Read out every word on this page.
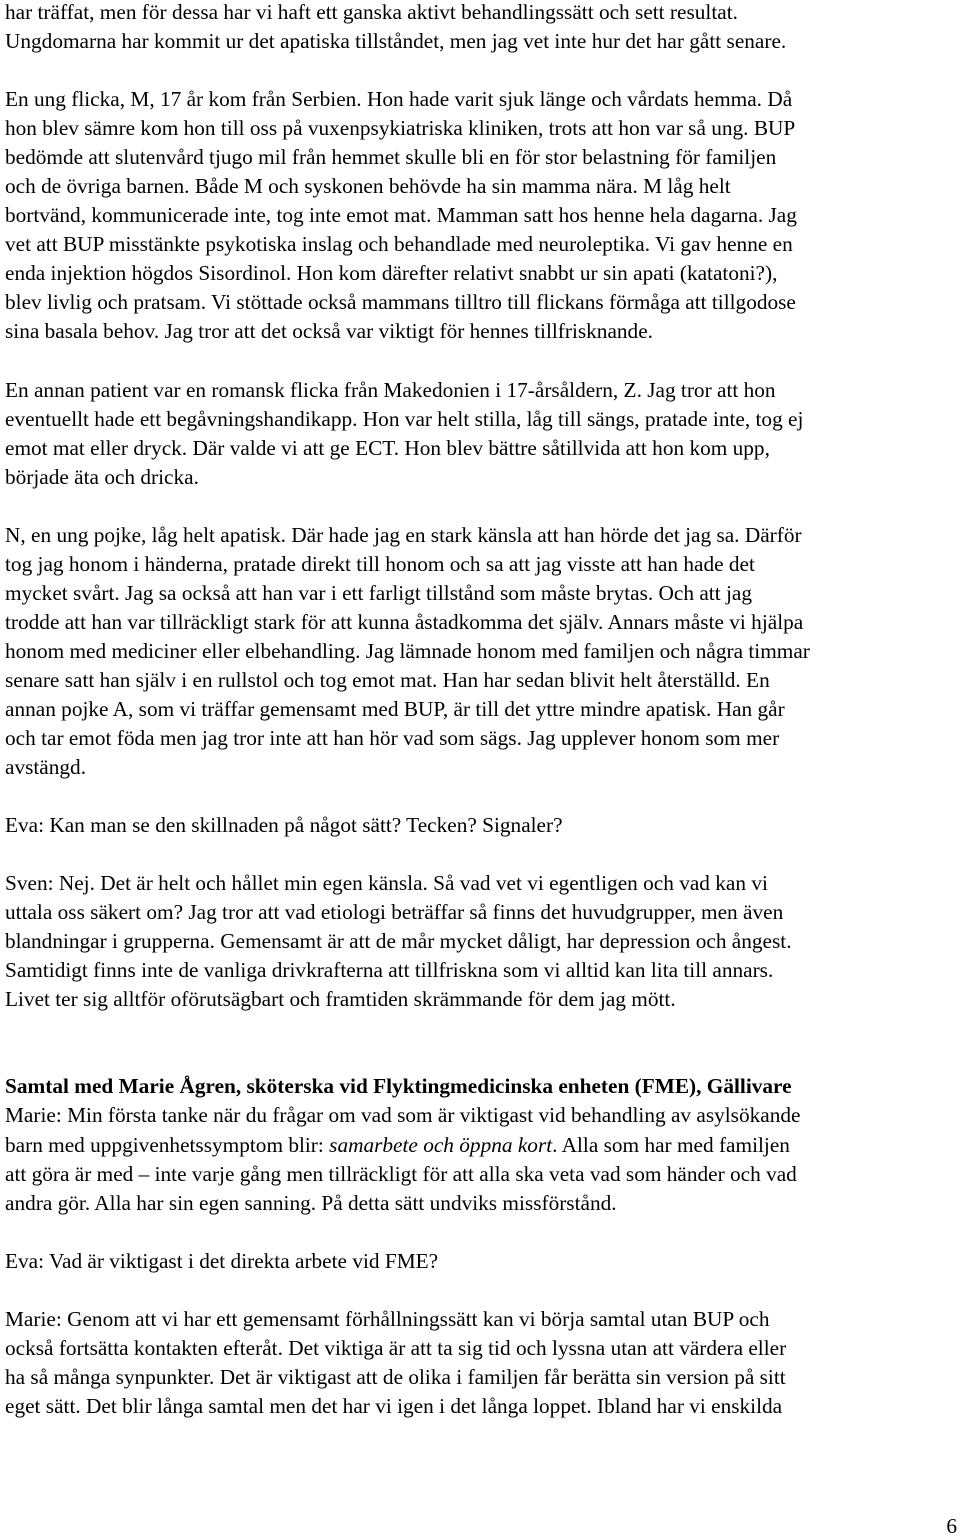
har träffat, men för dessa har vi haft ett ganska aktivt behandlingssätt och sett resultat.
Ungdomarna har kommit ur det apatiska tillståndet, men jag vet inte hur det har gått senare.
En ung flicka, M, 17 år kom från Serbien. Hon hade varit sjuk länge och vårdats hemma. Då
hon blev sämre kom hon till oss på vuxenpsykiatriska kliniken, trots att hon var så ung. BUP
bedömde att slutenvård tjugo mil från hemmet skulle bli en för stor belastning för familjen
och de övriga barnen. Både M och syskonen behövde ha sin mamma nära. M låg helt
bortvänd, kommunicerade inte, tog inte emot mat. Mamman satt hos henne hela dagarna. Jag
vet att BUP misstänkte psykotiska inslag och behandlade med neuroleptika. Vi gav henne en
enda injektion högdos Sisordinol. Hon kom därefter relativt snabbt ur sin apati (katatoni?),
blev livlig och pratsam. Vi stöttade också mammans tilltro till flickans förmåga att tillgodose
sina basala behov. Jag tror att det också var viktigt för hennes tillfrisknande.
En annan patient var en romansk flicka från Makedonien i 17-årsåldern, Z. Jag tror att hon
eventuellt hade ett begåvningshandikapp. Hon var helt stilla, låg till sängs, pratade inte, tog ej
emot mat eller dryck. Där valde vi att ge ECT. Hon blev bättre såtillvida att hon kom upp,
började äta och dricka.
N, en ung pojke, låg helt apatisk. Där hade jag en stark känsla att han hörde det jag sa. Därför
tog jag honom i händerna, pratade direkt till honom och sa att jag visste att han hade det
mycket svårt. Jag sa också att han var i ett farligt tillstånd som måste brytas. Och att jag
trodde att han var tillräckligt stark för att kunna åstadkomma det själv. Annars måste vi hjälpa
honom med mediciner eller elbehandling. Jag lämnade honom med familjen och några timmar
senare satt han själv i en rullstol och tog emot mat. Han har sedan blivit helt återställd. En
annan pojke A, som vi träffar gemensamt med BUP, är till det yttre mindre apatisk. Han går
och tar emot föda men jag tror inte att han hör vad som sägs. Jag upplever honom som mer
avstängd.
Eva: Kan man se den skillnaden på något sätt? Tecken? Signaler?
Sven: Nej. Det är helt och hållet min egen känsla. Så vad vet vi egentligen och vad kan vi
uttala oss säkert om? Jag tror att vad etiologi beträffar så finns det huvudgrupper, men även
blandningar i grupperna. Gemensamt är att de mår mycket dåligt, har depression och ångest.
Samtidigt finns inte de vanliga drivkrafterna att tillfriskna som vi alltid kan lita till annars.
Livet ter sig alltför oförutsägbart och framtiden skrämmande för dem jag mött.
Samtal med Marie Ågren, sköterska vid Flyktingmedicinska enheten (FME), Gällivare
Marie: Min första tanke när du frågar om vad som är viktigast vid behandling av asylsökande
barn med uppgivenhetssymptom blir: samarbete och öppna kort. Alla som har med familjen
att göra är med – inte varje gång men tillräckligt för att alla ska veta vad som händer och vad
andra gör. Alla har sin egen sanning. På detta sätt undviks missförstånd.
Eva: Vad är viktigast i det direkta arbete vid FME?
Marie: Genom att vi har ett gemensamt förhållningssätt kan vi börja samtal utan BUP och
också fortsätta kontakten efteråt. Det viktiga är att ta sig tid och lyssna utan att värdera eller
ha så många synpunkter. Det är viktigast att de olika i familjen får berätta sin version på sitt
eget sätt. Det blir långa samtal men det har vi igen i det långa loppet. Ibland har vi enskilda
6
